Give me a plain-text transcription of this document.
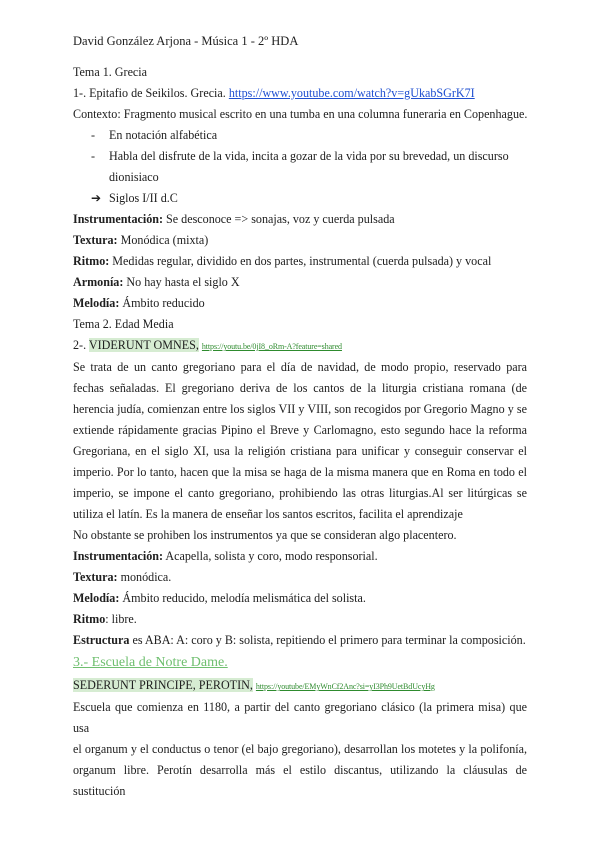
David González Arjona - Música 1 - 2º HDA
Tema 1. Grecia
1-. Epitafio de Seikilos. Grecia. https://www.youtube.com/watch?v=gUkabSGrK7I
Contexto: Fragmento musical escrito en una tumba en una columna funeraria en Copenhague.
-	En notación alfabética
-	Habla del disfrute de la vida, incita a gozar de la vida por su brevedad, un discurso
dionisiaco
➔ Siglos I/II d.C
Instrumentación: Se desconoce => sonajas, voz y cuerda pulsada
Textura: Monódica (mixta)
Ritmo: Medidas regular, dividido en dos partes, instrumental (cuerda pulsada) y vocal
Armonía: No hay hasta el siglo X
Melodía: Ámbito reducido
Tema 2. Edad Media
2-. VIDERUNT OMNES, https://youtu.be/0jI8_oRm-A?feature=shared
Se trata de un canto gregoriano para el día de navidad, de modo propio, reservado para
fechas señaladas. El gregoriano deriva de los cantos de la liturgia cristiana romana (de
herencia judía, comienzan entre los siglos VII y VIII, son recogidos por Gregorio Magno y se
extiende rápidamente gracias Pipino el Breve y Carlomagno, esto segundo hace la reforma
Gregoriana, en el siglo XI, usa la religión cristiana para unificar y conseguir conservar el
imperio. Por lo tanto, hacen que la misa se haga de la misma manera que en Roma en todo el
imperio, se impone el canto gregoriano, prohibiendo las otras liturgias.Al ser litúrgicas se
utiliza el latín. Es la manera de enseñar los santos escritos, facilita el aprendizaje
No obstante se prohiben los instrumentos ya que se consideran algo placentero.
Instrumentación: Acapella, solista y coro, modo responsorial.
Textura: monódica.
Melodía: Ámbito reducido, melodía melismática del solista.
Ritmo: libre.
Estructura es ABA: A: coro y B: solista, repitiendo el primero para terminar la composición.
3.- Escuela de Notre Dame.
SEDERUNT PRINCIPE, PEROTIN, https://youtube/EMyWnCf2Anc?si=yI3Ph9UetBdUcyHg
Escuela que comienza en 1180, a partir del canto gregoriano clásico (la primera misa) que usa
el organum y el conductus o tenor (el bajo gregoriano), desarrollan los motetes y la polifonía,
organum libre. Perotín desarrolla más el estilo discantus, utilizando la cláusulas de sustitución
